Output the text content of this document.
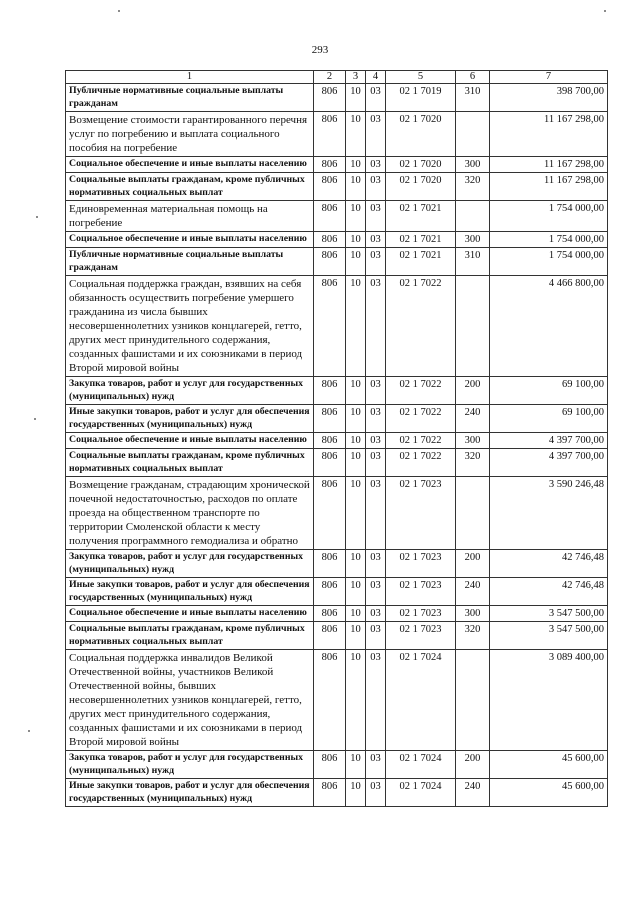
293
1	2	3	4	5	6	7
Публичные нормативные социальные выплаты гражданам	806	10	03	02 1 7019	310	398 700,00
Возмещение стоимости гарантированного перечня услуг по погребению и выплата социального пособия на погребение	806	10	03	02 1 7020		11 167 298,00
Социальное обеспечение и иные выплаты населению	806	10	03	02 1 7020	300	11 167 298,00
Социальные выплаты гражданам, кроме публичных нормативных социальных выплат	806	10	03	02 1 7020	320	11 167 298,00
Единовременная материальная помощь на погребение	806	10	03	02 1 7021		1 754 000,00
Социальное обеспечение и иные выплаты населению	806	10	03	02 1 7021	300	1 754 000,00
Публичные нормативные социальные выплаты гражданам	806	10	03	02 1 7021	310	1 754 000,00
Социальная поддержка граждан, взявших на себя обязанность осуществить погребение умершего гражданина из числа бывших несовершеннолетних узников концлагерей, гетто, других мест принудительного содержания, созданных фашистами и их союзниками в период Второй мировой войны	806	10	03	02 1 7022		4 466 800,00
Закупка товаров, работ и услуг для государственных (муниципальных) нужд	806	10	03	02 1 7022	200	69 100,00
Иные закупки товаров, работ и услуг для обеспечения государственных (муниципальных) нужд	806	10	03	02 1 7022	240	69 100,00
Социальное обеспечение и иные выплаты населению	806	10	03	02 1 7022	300	4 397 700,00
Социальные выплаты гражданам, кроме публичных нормативных социальных выплат	806	10	03	02 1 7022	320	4 397 700,00
Возмещение гражданам, страдающим хронической почечной недостаточностью, расходов по оплате проезда на общественном транспорте по территории Смоленской области к месту получения программного гемодиализа и обратно	806	10	03	02 1 7023		3 590 246,48
Закупка товаров, работ и услуг для государственных (муниципальных) нужд	806	10	03	02 1 7023	200	42 746,48
Иные закупки товаров, работ и услуг для обеспечения государственных (муниципальных) нужд	806	10	03	02 1 7023	240	42 746,48
Социальное обеспечение и иные выплаты населению	806	10	03	02 1 7023	300	3 547 500,00
Социальные выплаты гражданам, кроме публичных нормативных социальных выплат	806	10	03	02 1 7023	320	3 547 500,00
Социальная поддержка инвалидов Великой Отечественной войны, участников Великой Отечественной войны, бывших несовершеннолетних узников концлагерей, гетто, других мест принудительного содержания, созданных фашистами и их союзниками в период Второй мировой войны	806	10	03	02 1 7024		3 089 400,00
Закупка товаров, работ и услуг для государственных (муниципальных) нужд	806	10	03	02 1 7024	200	45 600,00
Иные закупки товаров, работ и услуг для обеспечения государственных (муниципальных) нужд	806	10	03	02 1 7024	240	45 600,00
